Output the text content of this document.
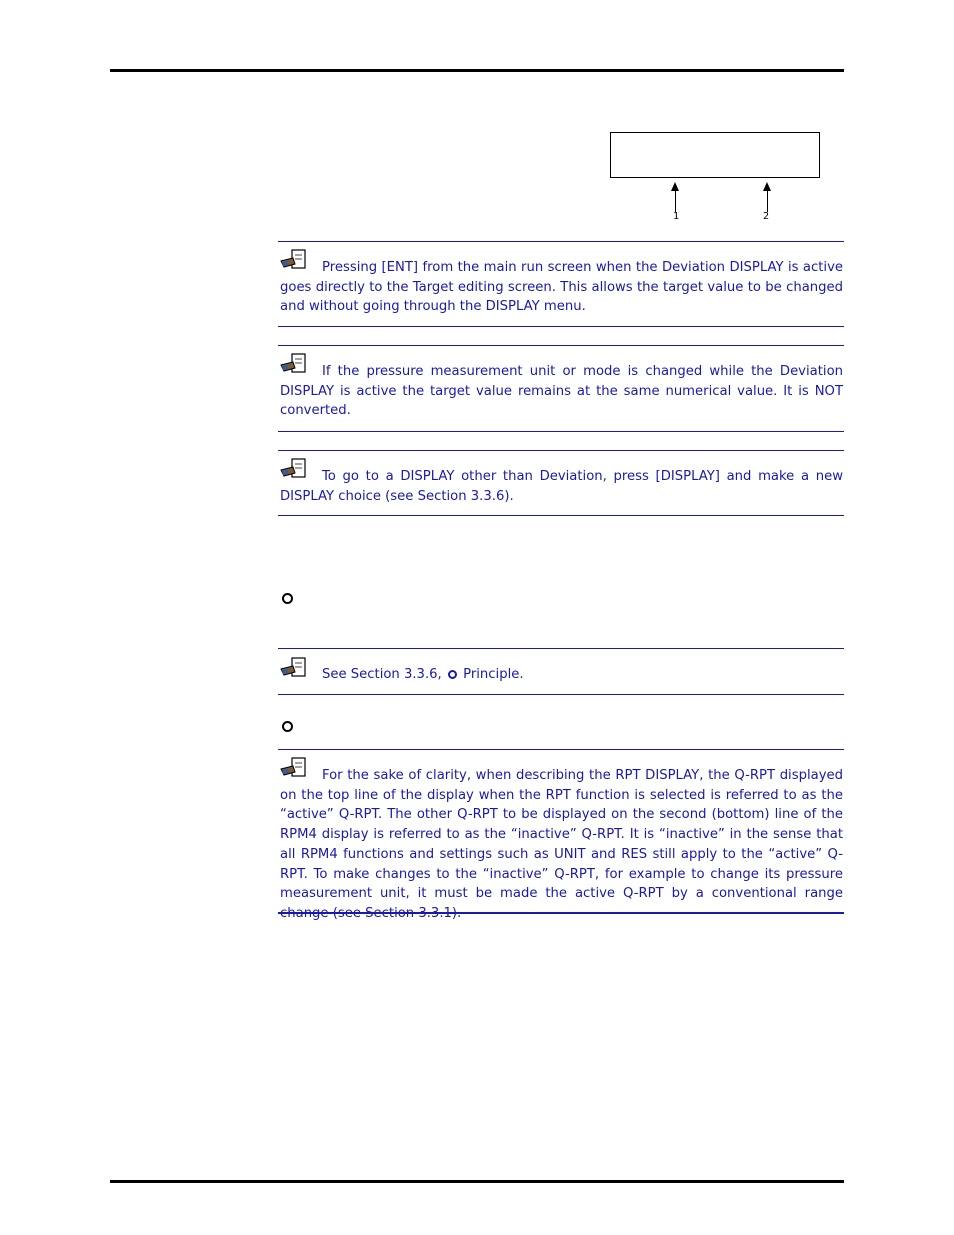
1	2

Pressing [ENT] from the main run screen when the Deviation DISPLAY is active goes directly to the Target editing screen. This allows the target value to be changed and without going through the DISPLAY menu.

If the pressure measurement unit or mode is changed while the Deviation DISPLAY is active the target value remains at the same numerical value. It is NOT converted.

To go to a DISPLAY other than Deviation, press [DISPLAY] and make a new DISPLAY choice (see Section 3.3.6).

See Section 3.3.6,  Principle.

For the sake of clarity, when describing the RPT DISPLAY, the Q-RPT displayed on the top line of the display when the RPT function is selected is referred to as the “active” Q-RPT. The other Q-RPT to be displayed on the second (bottom) line of the RPM4 display is referred to as the “inactive” Q-RPT. It is “inactive” in the sense that all RPM4 functions and settings such as UNIT and RES still apply to the “active” Q-RPT. To make changes to the “inactive” Q-RPT, for example to change its pressure measurement unit, it must be made the active Q-RPT by a conventional range change (see Section 3.3.1).
